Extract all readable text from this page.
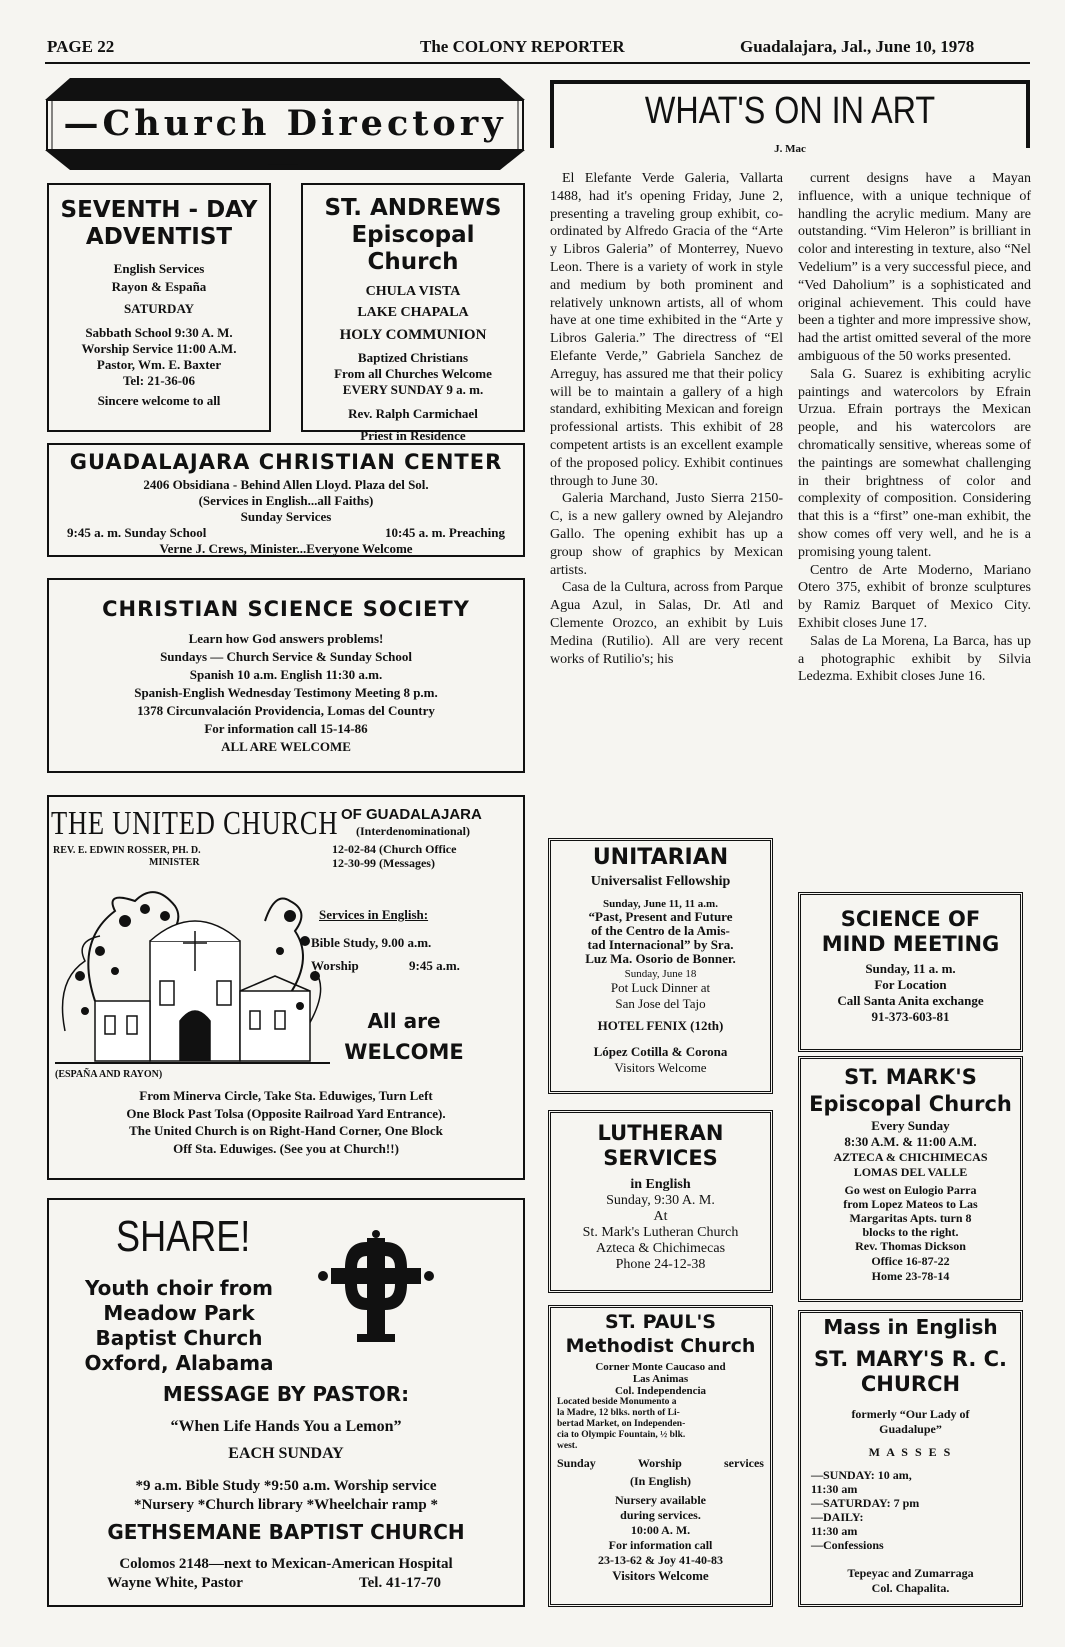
PAGE 22	The COLONY REPORTER	Guadalajara, Jal., June 10, 1978
—Church Directory—
SEVENTH - DAY
ADVENTIST
English Services
Rayon & España
SATURDAY
Sabbath School 9:30 A. M.
Worship Service 11:00 A.M.
Pastor, Wm. E. Baxter
Tel: 21-36-06
Sincere welcome to all
ST. ANDREWS
Episcopal Church
CHULA VISTA
LAKE CHAPALA
HOLY COMMUNION
Baptized Christians
From all Churches Welcome
EVERY SUNDAY 9 a. m.
Rev. Ralph Carmichael
Priest in Residence
GUADALAJARA CHRISTIAN CENTER
2406 Obsidiana - Behind Allen Lloyd. Plaza del Sol.
(Services in English...all Faiths)
Sunday Services
9:45 a. m. Sunday School	10:45 a. m. Preaching
Verne J. Crews, Minister...Everyone Welcome
CHRISTIAN SCIENCE SOCIETY
Learn how God answers problems!
Sundays — Church Service & Sunday School
Spanish 10 a.m. English 11:30 a.m.
Spanish-English Wednesday Testimony Meeting 8 p.m.
1378 Circunvalación Providencia, Lomas del Country
For information call 15-14-86
ALL ARE WELCOME
THE UNITED CHURCH OF GUADALAJARA
(Interdenominational)
REV. E. EDWIN ROSSER, PH. D.
MINISTER
12-02-84 (Church Office
12-30-99 (Messages)
Services in English:
Bible Study, 9.00 a.m.
Worship	9:45 a.m.
All are
WELCOME
(ESPAÑA AND RAYON)
From Minerva Circle, Take Sta. Eduwiges, Turn Left
One Block Past Tolsa (Opposite Railroad Yard Entrance).
The United Church is on Right-Hand Corner, One Block
Off Sta. Eduwiges. (See you at Church!!)
SHARE!
Youth choir from
Meadow Park
Baptist Church
Oxford, Alabama
MESSAGE BY PASTOR:
“When Life Hands You a Lemon”
EACH SUNDAY
*9 a.m. Bible Study *9:50 a.m. Worship service
*Nursery *Church library *Wheelchair ramp *
GETHSEMANE BAPTIST CHURCH
Colomos 2148—next to Mexican-American Hospital
Wayne White, Pastor	Tel. 41-17-70
WHAT'S ON IN ART
J. Mac

El Elefante Verde Galeria, Vallarta 1488, had it's opening Friday, June 2, presenting a traveling group exhibit, co-ordinated by Alfredo Gracia of the “Arte y Libros Galeria” of Monterrey, Nuevo Leon. There is a variety of work in style and medium by both prominent and relatively unknown artists, all of whom have at one time exhibited in the “Arte y Libros Galeria.” The directress of “El Elefante Verde,” Gabriela Sanchez de Arreguy, has assured me that their policy will be to maintain a gallery of a high standard, exhibiting Mexican and foreign professional artists. This exhibit of 28 competent artists is an excellent example of the proposed policy. Exhibit continues through to June 30.

Galeria Marchand, Justo Sierra 2150-C, is a new gallery owned by Alejandro Gallo. The opening exhibit has up a group show of graphics by Mexican artists.

Casa de la Cultura, across from Parque Agua Azul, in Salas, Dr. Atl and Clemente Orozco, an exhibit by Luis Medina (Rutilio). All are very recent works of Rutilio's; his

current designs have a Mayan influence, with a unique technique of handling the acrylic medium. Many are outstanding. “Vim Heleron” is brilliant in color and interesting in texture, also “Nel Vedelium” is a very successful piece, and “Ved Daholium” is a sophisticated and original achievement. This could have been a tighter and more impressive show, had the artist omitted several of the more ambiguous of the 50 works presented.

Sala G. Suarez is exhibiting acrylic paintings and watercolors by Efrain Urzua. Efrain portrays the Mexican people, and his watercolors are chromatically sensitive, whereas some of the paintings are somewhat challenging in their brightness of color and complexity of composition. Considering that this is a “first” one-man exhibit, the show comes off very well, and he is a promising young talent.

Centro de Arte Moderno, Mariano Otero 375, exhibit of bronze sculptures by Ramiz Barquet of Mexico City. Exhibit closes June 17.

Salas de La Morena, La Barca, has up a photographic exhibit by Silvia Ledezma. Exhibit closes June 16.

UNITARIAN
Universalist Fellowship
Sunday, June 11, 11 a.m.
“Past, Present and Future
of the Centro de la Amis-
tad Internacional” by Sra.
Luz Ma. Osorio de Bonner.
Sunday, June 18
Pot Luck Dinner at
San Jose del Tajo
HOTEL FENIX (12th)
López Cotilla & Corona
Visitors Welcome
LUTHERAN
SERVICES
in English
Sunday, 9:30 A. M.
At
St. Mark's Lutheran Church
Azteca & Chichimecas
Phone 24-12-38
ST. PAUL'S
Methodist Church
Corner Monte Caucaso and
Las Animas
Col. Independencia
Located beside Monumento a
la Madre, 12 blks. north of Li-
bertad Market, on Independen-
cia to Olympic Fountain, ½ blk.
west.
Sunday	Worship	services
(In English)
Nursery available
during services.
10:00 A. M.
For information call
23-13-62 & Joy 41-40-83
Visitors Welcome
SCIENCE OF
MIND MEETING
Sunday, 11 a. m.
For Location
Call Santa Anita exchange
91-373-603-81
ST. MARK'S
Episcopal Church
Every Sunday
8:30 A.M. & 11:00 A.M.
AZTECA & CHICHIMECAS
LOMAS DEL VALLE
Go west on Eulogio Parra
from Lopez Mateos to Las
Margaritas Apts. turn 8
blocks to the right.
Rev. Thomas Dickson
Office 16-87-22
Home 23-78-14
Mass in English
ST. MARY'S R. C.
CHURCH
formerly “Our Lady of
Guadalupe”
M A S S E S
—SUNDAY: 10 am,
11:30 am
—SATURDAY: 7 pm
—DAILY:
11:30 am
—Confessions
Tepeyac and Zumarraga
Col. Chapalita.
